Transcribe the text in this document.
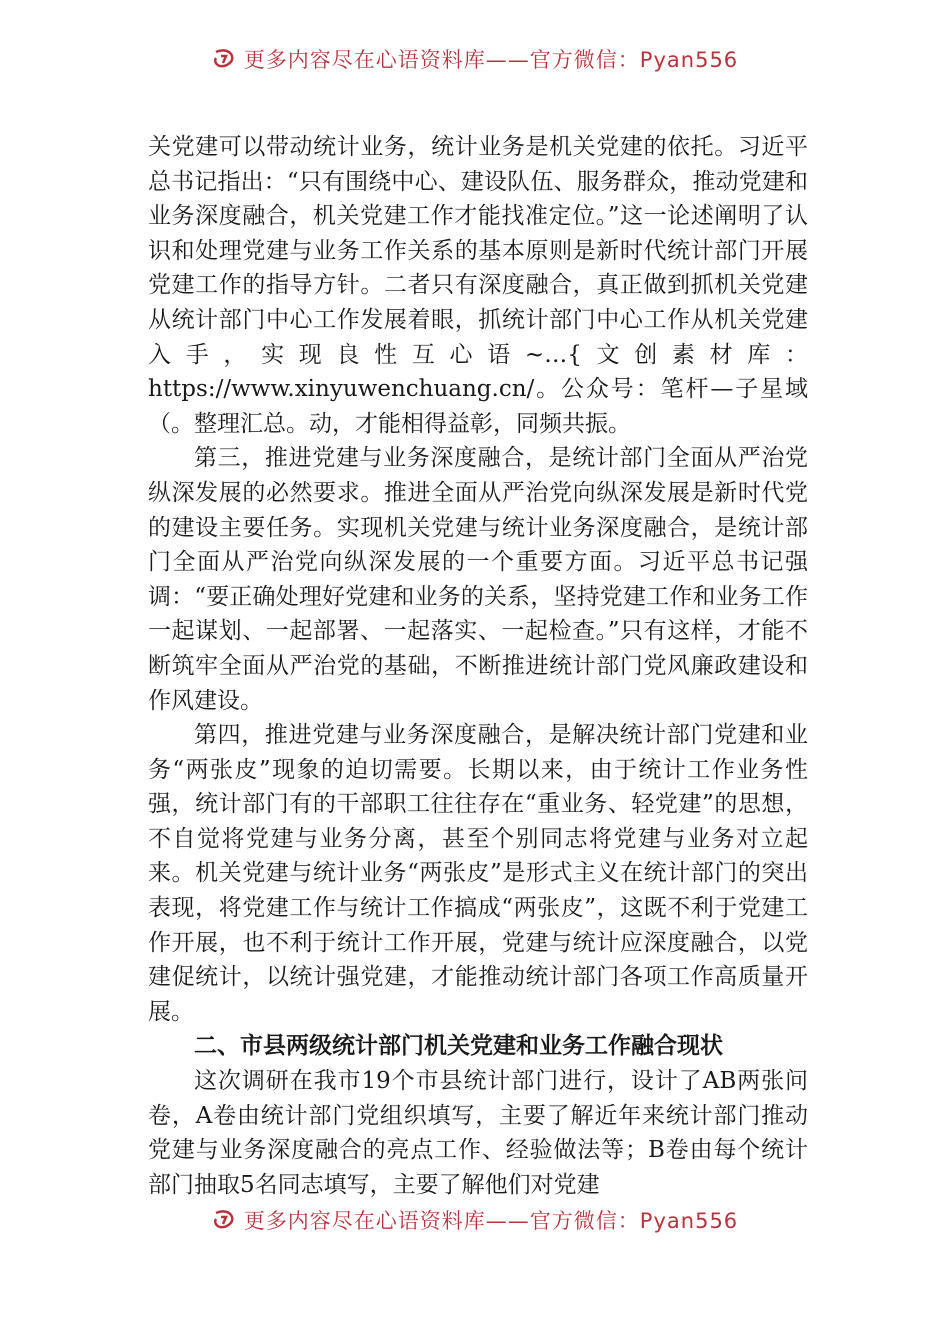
更多内容尽在心语资料库——官方微信：Pyan556

关党建可以带动统计业务，统计业务是机关党建的依托。习近平总书记指出：“只有围绕中心、建设队伍、服务群众，推动党建和业务深度融合，机关党建工作才能找准定位。”这一论述阐明了认识和处理党建与业务工作关系的基本原则是新时代统计部门开展党建工作的指导方针。二者只有深度融合，真正做到抓机关党建从统计部门中心工作发展着眼，抓统计部门中心工作从机关党建入手，实现良性互心语~…{文创素材库：https://www.xinyuwenchuang.cn/。公众号：笔杆—子星域（。整理汇总。动，才能相得益彰，同频共振。

第三，推进党建与业务深度融合，是统计部门全面从严治党纵深发展的必然要求。推进全面从严治党向纵深发展是新时代党的建设主要任务。实现机关党建与统计业务深度融合，是统计部门全面从严治党向纵深发展的一个重要方面。习近平总书记强调：“要正确处理好党建和业务的关系，坚持党建工作和业务工作一起谋划、一起部署、一起落实、一起检查。”只有这样，才能不断筑牢全面从严治党的基础，不断推进统计部门党风廉政建设和作风建设。

第四，推进党建与业务深度融合，是解决统计部门党建和业务“两张皮”现象的迫切需要。长期以来，由于统计工作业务性强，统计部门有的干部职工往往存在“重业务、轻党建”的思想，不自觉将党建与业务分离，甚至个别同志将党建与业务对立起来。机关党建与统计业务“两张皮”是形式主义在统计部门的突出表现，将党建工作与统计工作搞成“两张皮”，这既不利于党建工作开展，也不利于统计工作开展，党建与统计应深度融合，以党建促统计，以统计强党建，才能推动统计部门各项工作高质量开展。

二、市县两级统计部门机关党建和业务工作融合现状

这次调研在我市19个市县统计部门进行，设计了AB两张问卷，A卷由统计部门党组织填写，主要了解近年来统计部门推动党建与业务深度融合的亮点工作、经验做法等；B卷由每个统计部门抽取5名同志填写，主要了解他们对党建

更多内容尽在心语资料库——官方微信：Pyan556
